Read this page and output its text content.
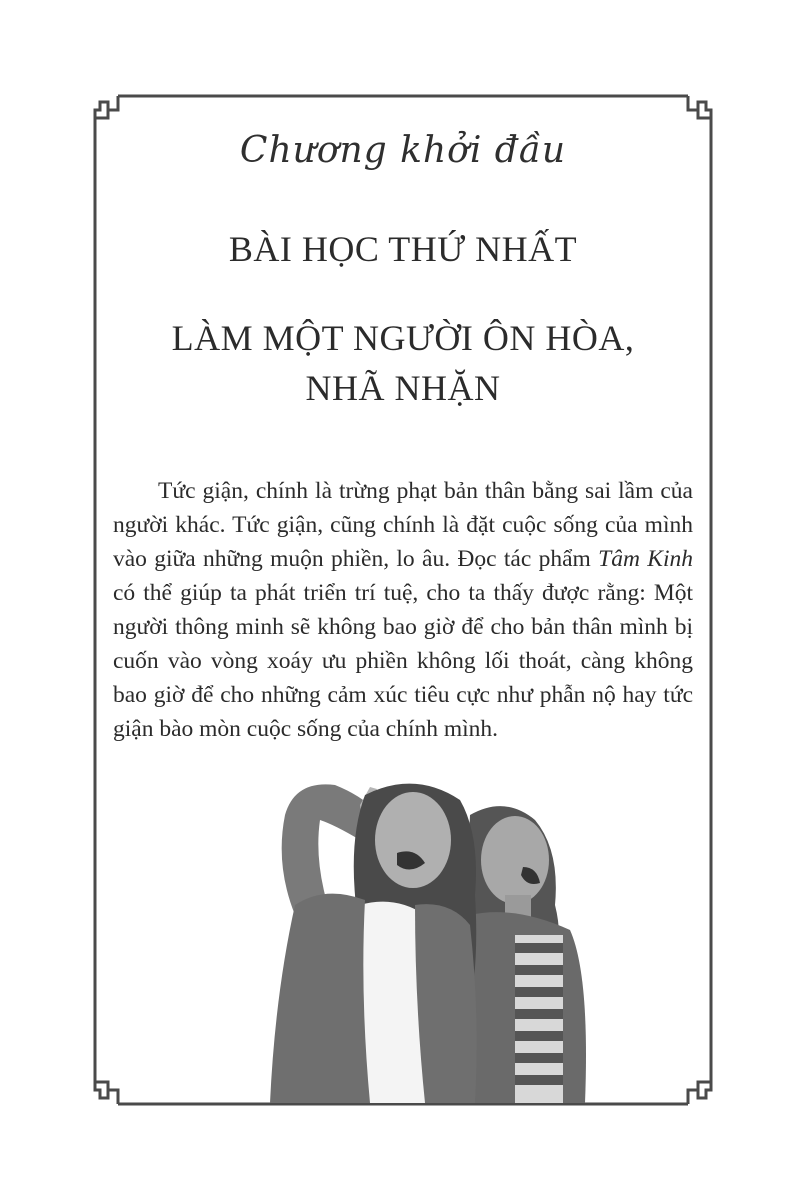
Chương khởi đầu
BÀI HỌC THỨ NHẤT
LÀM MỘT NGƯỜI ÔN HÒA,
NHÃ NHẶN

Tức giận, chính là trừng phạt bản thân bằng sai lầm của người khác. Tức giận, cũng chính là đặt cuộc sống của mình vào giữa những muộn phiền, lo âu. Đọc tác phẩm Tâm Kinh có thể giúp ta phát triển trí tuệ, cho ta thấy được rằng: Một người thông minh sẽ không bao giờ để cho bản thân mình bị cuốn vào vòng xoáy ưu phiền không lối thoát, càng không bao giờ để cho những cảm xúc tiêu cực như phẫn nộ hay tức giận bào mòn cuộc sống của chính mình.
